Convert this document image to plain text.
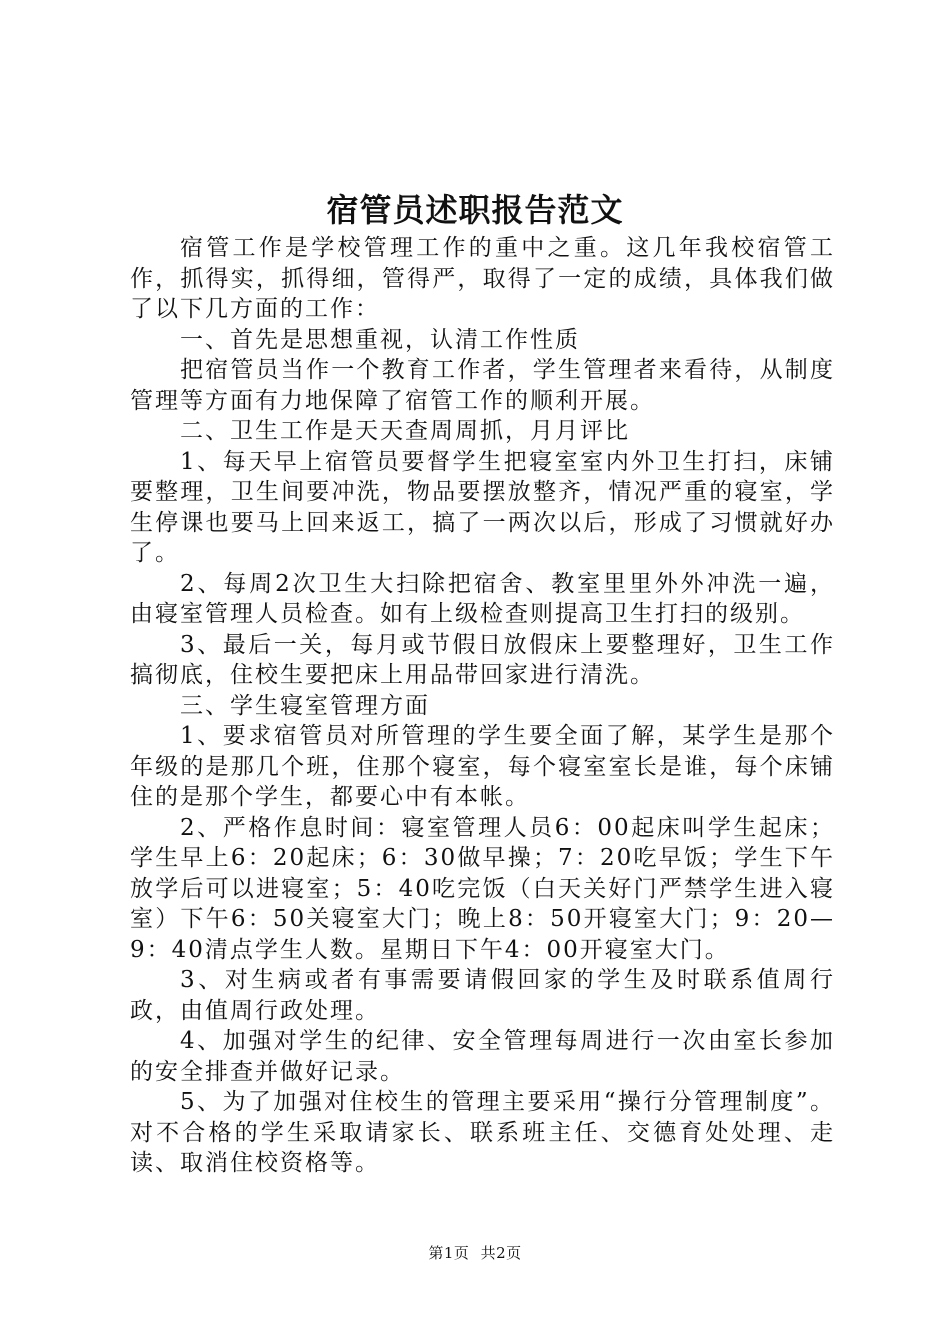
宿管员述职报告范文

宿管工作是学校管理工作的重中之重。这几年我校宿管工作，抓得实，抓得细，管得严，取得了一定的成绩，具体我们做了以下几方面的工作：

一、首先是思想重视，认清工作性质

把宿管员当作一个教育工作者，学生管理者来看待，从制度管理等方面有力地保障了宿管工作的顺利开展。

二、卫生工作是天天查周周抓，月月评比

1、每天早上宿管员要督学生把寝室室内外卫生打扫，床铺要整理，卫生间要冲洗，物品要摆放整齐，情况严重的寝室，学生停课也要马上回来返工，搞了一两次以后，形成了习惯就好办了。

2、每周2次卫生大扫除把宿舍、教室里里外外冲洗一遍，由寝室管理人员检查。如有上级检查则提高卫生打扫的级别。

3、最后一关，每月或节假日放假床上要整理好，卫生工作搞彻底，住校生要把床上用品带回家进行清洗。

三、学生寝室管理方面

1、要求宿管员对所管理的学生要全面了解，某学生是那个年级的是那几个班，住那个寝室，每个寝室室长是谁，每个床铺住的是那个学生，都要心中有本帐。

2、严格作息时间：寝室管理人员6：00起床叫学生起床；学生早上6：20起床；6：30做早操；7：20吃早饭；学生下午放学后可以进寝室；5：40吃完饭（白天关好门严禁学生进入寝室）下午6：50关寝室大门；晚上8：50开寝室大门；9：20—9：40清点学生人数。星期日下午4：00开寝室大门。

3、对生病或者有事需要请假回家的学生及时联系值周行政，由值周行政处理。

4、加强对学生的纪律、安全管理每周进行一次由室长参加的安全排查并做好记录。

5、为了加强对住校生的管理主要采用“操行分管理制度”。对不合格的学生采取请家长、联系班主任、交德育处处理、走读、取消住校资格等。

第1页 共2页
